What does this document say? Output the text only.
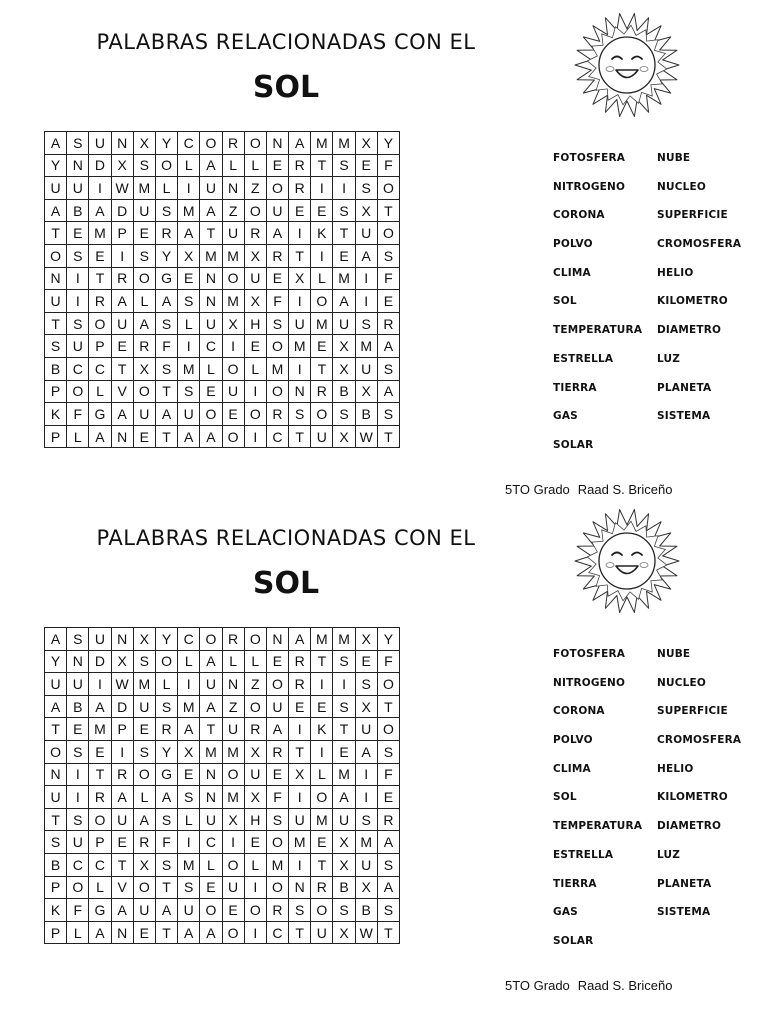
PALABRAS RELACIONADAS CON EL
SOL
A	S	U	N	X	Y	C	O	R	O	N	A	M	M	X	Y
Y	N	D	X	S	O	L	A	L	L	E	R	T	S	E	F
U	U	I	W	M	L	I	U	N	Z	O	R	I	I	S	O
A	B	A	D	U	S	M	A	Z	O	U	E	E	S	X	T
T	E	M	P	E	R	A	T	U	R	A	I	K	T	U	O
O	S	E	I	S	Y	X	M	M	X	R	T	I	E	A	S
N	I	T	R	O	G	E	N	O	U	E	X	L	M	I	F
U	I	R	A	L	A	S	N	M	X	F	I	O	A	I	E
T	S	O	U	A	S	L	U	X	H	S	U	M	U	S	R
S	U	P	E	R	F	I	C	I	E	O	M	E	X	M	A
B	C	C	T	X	S	M	L	O	L	M	I	T	X	U	S
P	O	L	V	O	T	S	E	U	I	O	N	R	B	X	A
K	F	G	A	U	A	U	O	E	O	R	S	O	S	B	S
P	L	A	N	E	T	A	A	O	I	C	T	U	X	W	T
FOTOSFERA	NUBE
NITROGENO	NUCLEO
CORONA	SUPERFICIE
POLVO	CROMOSFERA
CLIMA	HELIO
SOL	KILOMETRO
TEMPERATURA	DIAMETRO
ESTRELLA	LUZ
TIERRA	PLANETA
GAS	SISTEMA
SOLAR
5TO Grado Raad S. Briceño
PALABRAS RELACIONADAS CON EL
SOL
A	S	U	N	X	Y	C	O	R	O	N	A	M	M	X	Y
Y	N	D	X	S	O	L	A	L	L	E	R	T	S	E	F
U	U	I	W	M	L	I	U	N	Z	O	R	I	I	S	O
A	B	A	D	U	S	M	A	Z	O	U	E	E	S	X	T
T	E	M	P	E	R	A	T	U	R	A	I	K	T	U	O
O	S	E	I	S	Y	X	M	M	X	R	T	I	E	A	S
N	I	T	R	O	G	E	N	O	U	E	X	L	M	I	F
U	I	R	A	L	A	S	N	M	X	F	I	O	A	I	E
T	S	O	U	A	S	L	U	X	H	S	U	M	U	S	R
S	U	P	E	R	F	I	C	I	E	O	M	E	X	M	A
B	C	C	T	X	S	M	L	O	L	M	I	T	X	U	S
P	O	L	V	O	T	S	E	U	I	O	N	R	B	X	A
K	F	G	A	U	A	U	O	E	O	R	S	O	S	B	S
P	L	A	N	E	T	A	A	O	I	C	T	U	X	W	T
FOTOSFERA	NUBE
NITROGENO	NUCLEO
CORONA	SUPERFICIE
POLVO	CROMOSFERA
CLIMA	HELIO
SOL	KILOMETRO
TEMPERATURA	DIAMETRO
ESTRELLA	LUZ
TIERRA	PLANETA
GAS	SISTEMA
SOLAR
5TO Grado Raad S. Briceño
